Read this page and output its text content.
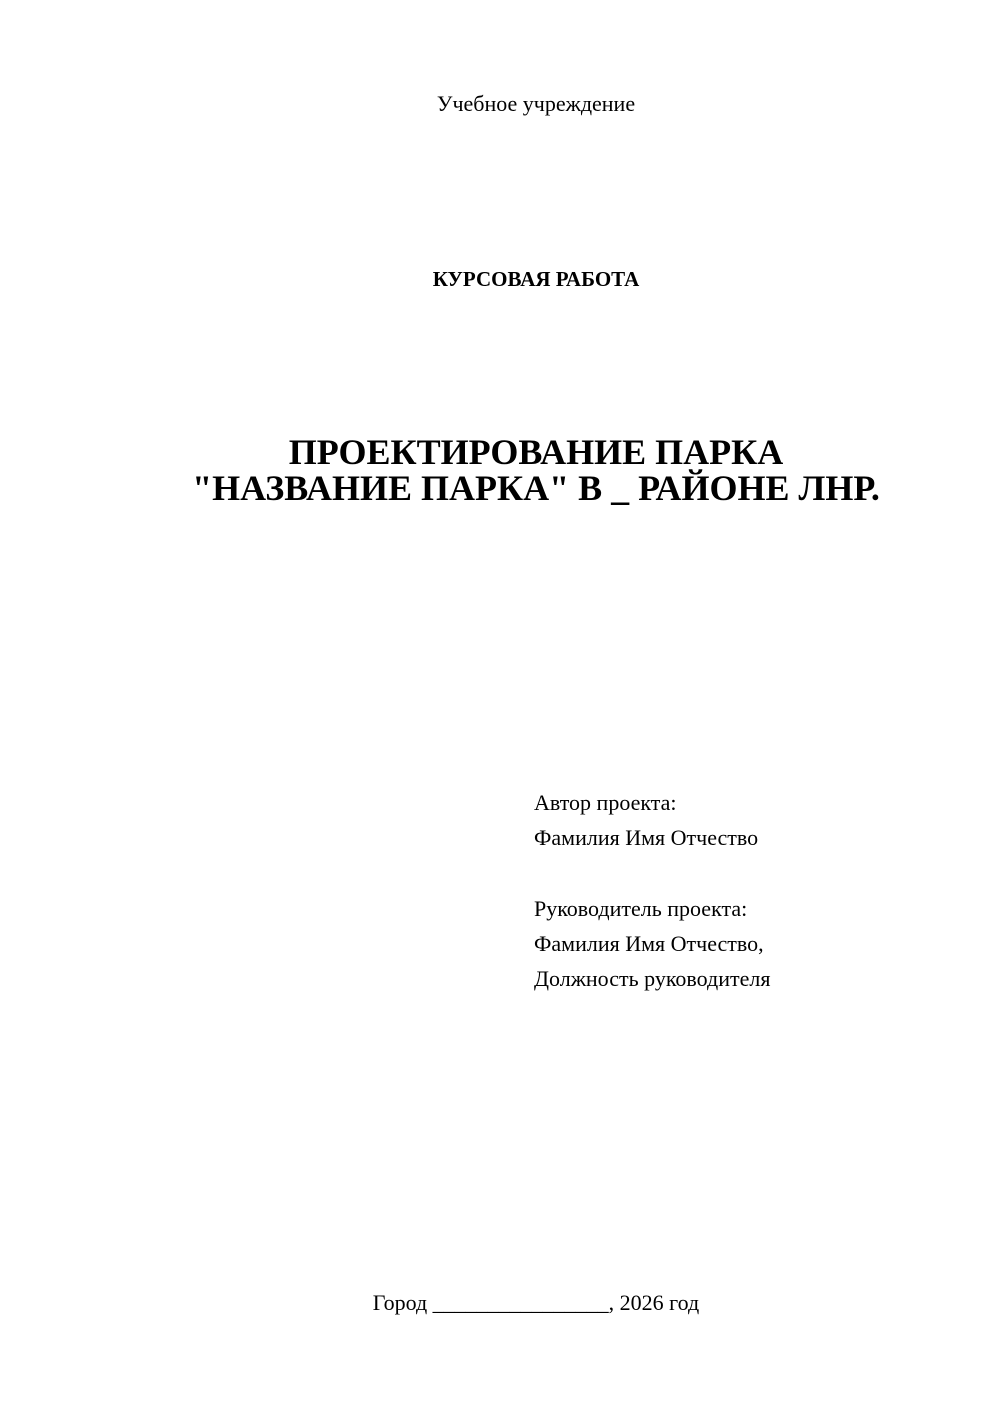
Учебное учреждение
КУРСОВАЯ РАБОТА
ПРОЕКТИРОВАНИЕ ПАРКА
"НАЗВАНИЕ ПАРКА" В _ РАЙОНЕ ЛНР.
Автор проекта:
Фамилия Имя Отчество
Руководитель проекта:
Фамилия Имя Отчество,
Должность руководителя
Город ________________, 2026 год
